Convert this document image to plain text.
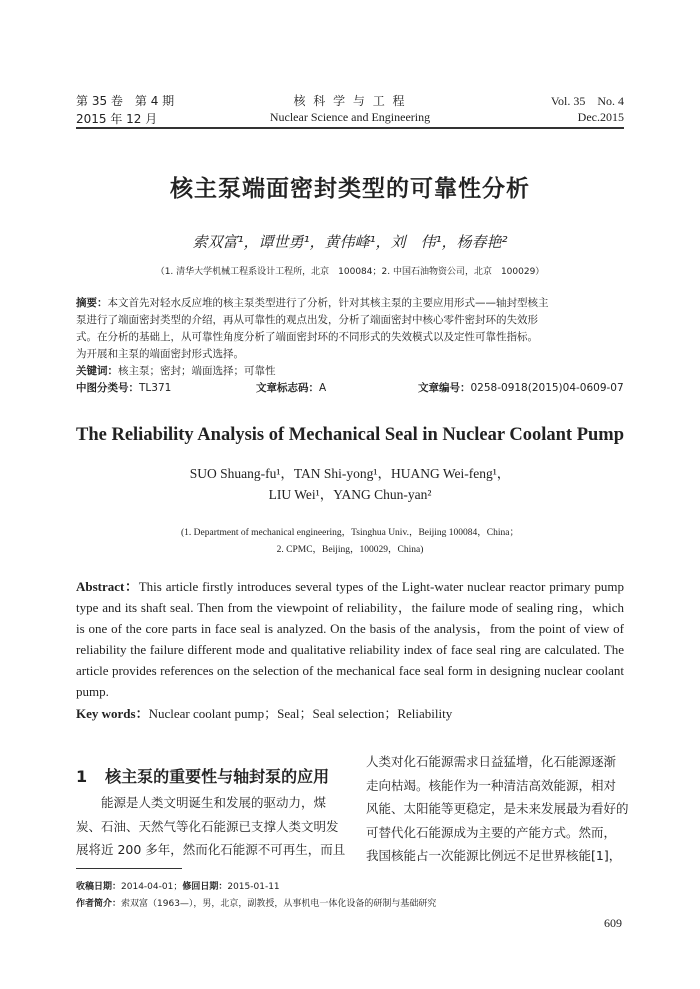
第 35 卷　第 4 期
2015 年 12 月
核 科 学 与 工 程
Nuclear Science and Engineering
Vol. 35　No. 4
Dec.2015
核主泵端面密封类型的可靠性分析
索双富¹，谭世勇¹，黄伟峰¹，刘　伟¹，杨春艳²
（1. 清华大学机械工程系设计工程所，北京　100084；2. 中国石油物资公司，北京　100029）
摘要：本文首先对轻水反应堆的核主泵类型进行了分析，针对其核主泵的主要应用形式——轴封型核主
泵进行了端面密封类型的介绍，再从可靠性的观点出发，分析了端面密封中核心零件密封环的失效形
式。在分析的基础上，从可靠性角度分析了端面密封环的不同形式的失效模式以及定性可靠性指标。
为开展和主泵的端面密封形式选择。
关键词：核主泵；密封；端面选择；可靠性
中图分类号：TL371	文章标志码：A	文章编号：0258-0918(2015)04-0609-07
The Reliability Analysis of Mechanical Seal in Nuclear Coolant Pump
SUO Shuang-fu¹，TAN Shi-yong¹，HUANG Wei-feng¹，
LIU Wei¹，YANG Chun-yan²
(1. Department of mechanical engineering，Tsinghua Univ.，Beijing 100084，China；
2. CPMC，Beijing，100029，China)
Abstract：This article firstly introduces several types of the Light-water nuclear reactor primary pump type and its shaft seal. Then from the viewpoint of reliability，the failure mode of sealing ring，which is one of the core parts in face seal is analyzed. On the basis of the analysis，from the point of view of reliability the failure different mode and qualitative reliability index of face seal ring are calculated. The article provides references on the selection of the mechanical face seal form in designing nuclear coolant pump.
Key words：Nuclear coolant pump；Seal；Seal selection；Reliability
1 核主泵的重要性与轴封泵的应用
　　能源是人类文明诞生和发展的驱动力，煤
炭、石油、天然气等化石能源已支撑人类文明发
展将近 200 多年，然而化石能源不可再生，而且
人类对化石能源需求日益猛增，化石能源逐渐
走向枯竭。核能作为一种清洁高效能源，相对
风能、太阳能等更稳定，是未来发展最为看好的
可替代化石能源成为主要的产能方式。然而，
我国核能占一次能源比例远不足世界核能[1]，
收稿日期：2014-04-01；修回日期：2015-01-11
作者简介：索双富（1963—），男，北京，副教授，从事机电一体化设备的研制与基础研究
609
